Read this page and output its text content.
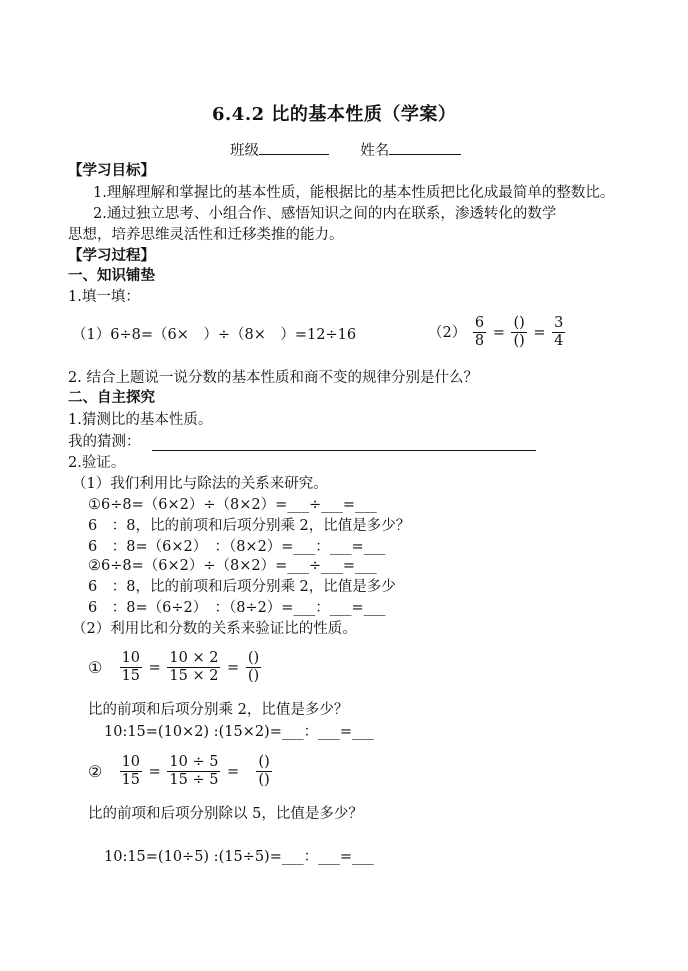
6.4.2 比的基本性质（学案）
班级	姓名
【学习目标】
1.理解理解和掌握比的基本性质，能根据比的基本性质把比化成最简单的整数比。
2.通过独立思考、小组合作、感悟知识之间的内在联系，渗透转化的数学
思想，培养思维灵活性和迁移类推的能力。
【学习过程】
一、知识铺垫
1.填一填：
（1）6÷8=（6×　）÷（8×　）=12÷16	$(2) \frac{6}{8} = \frac{()}{()} = \frac{3}{4}$
2. 结合上题说一说分数的基本性质和商不变的规律分别是什么？
二、自主探究
1.猜测比的基本性质。
我的猜测：
2.验证。
（1）我们利用比与除法的关系来研究。
①6÷8=（6×2）÷（8×2）=___÷___=___
6　：8，比的前项和后项分别乘 2，比值是多少？
6　：8=（6×2）　：（8×2）=___：___=___
②6÷8=（6×2）÷（8×2）=___÷___=___
6　：8，比的前项和后项分别乘 2，比值是多少
6　：8=（6÷2）　：（8÷2）=___：___=___
（2）利用比和分数的关系来验证比的性质。
① $\frac{10}{15} = \frac{10 \times 2}{15 \times 2} = \frac{()}{()}$
比的前项和后项分别乘 2，比值是多少？
10:15=(10×2) :(15×2)=___：___=___
② $\frac{10}{15} = \frac{10 \div 5}{15 \div 5} = \frac{()}{()}$
比的前项和后项分别除以 5，比值是多少？
10:15=(10÷5) :(15÷5)=___：___=___
